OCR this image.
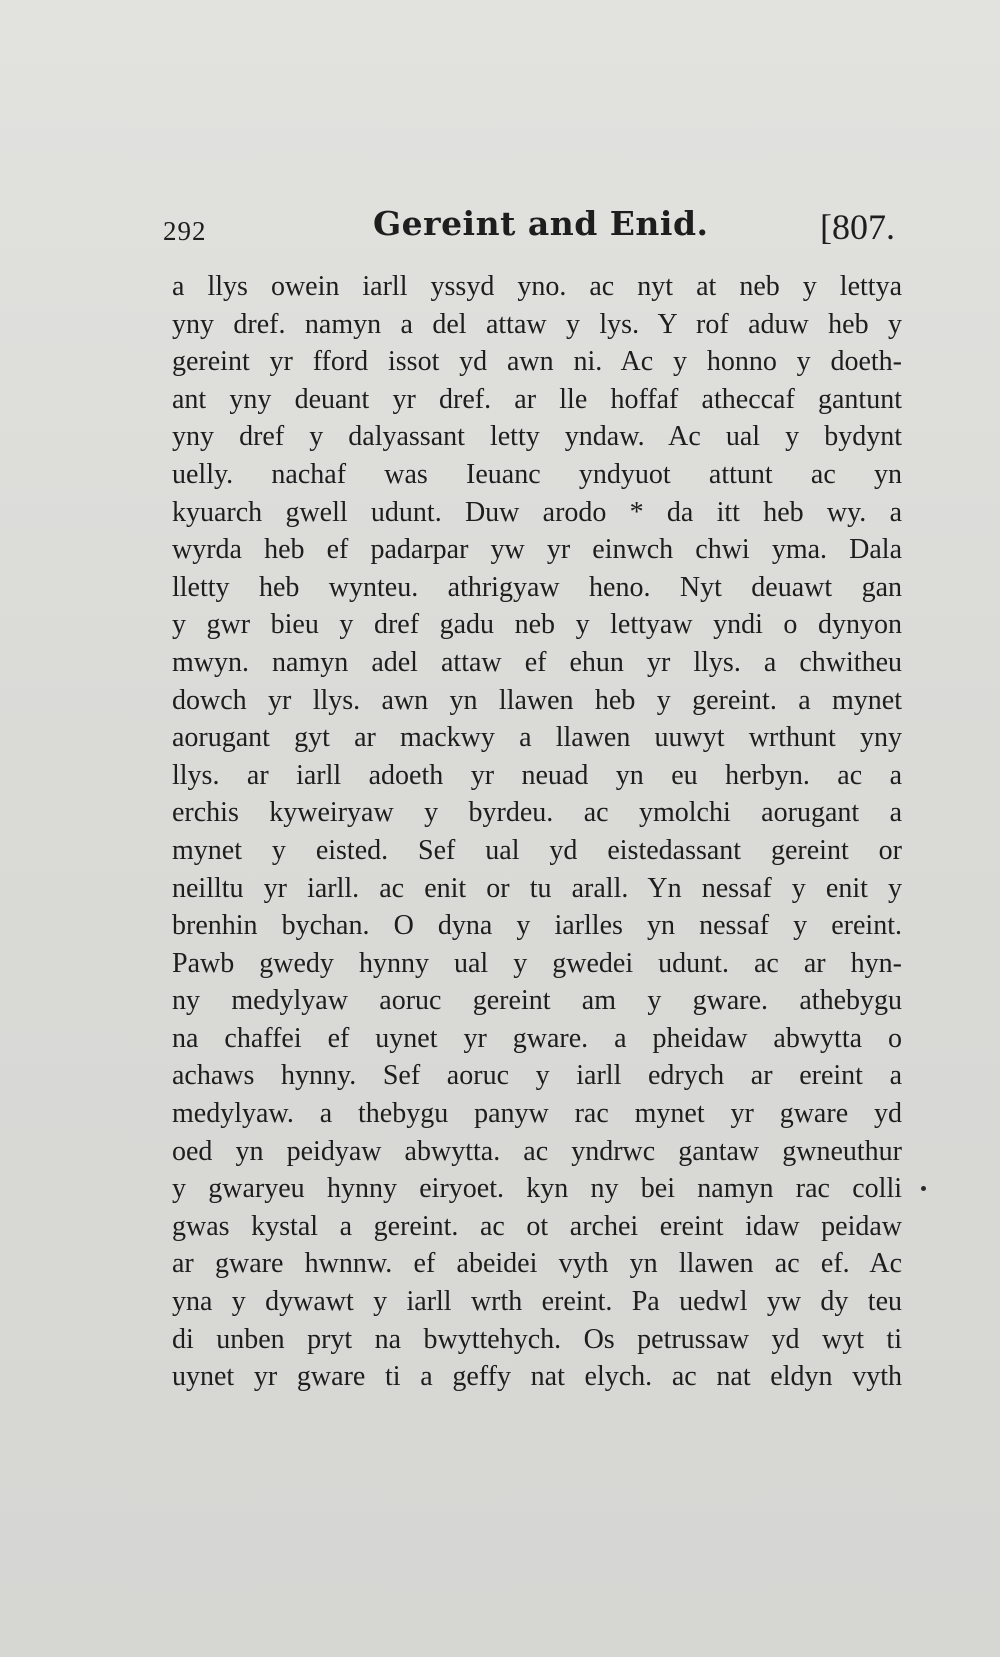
292	Gereint and Enid.	[807.
a llys owein iarll yssyd yno. ac nyt at neb y lettya
yny dref. namyn a del attaw y lys. Y rof aduw heb y
gereint yr fford issot yd awn ni. Ac y honno y doeth-
ant yny deuant yr dref. ar lle hoffaf atheccaf gantunt
yny dref y dalyassant letty yndaw. Ac ual y bydynt
uelly. nachaf was Ieuanc yndyuot attunt ac yn
kyuarch gwell udunt. Duw arodo * da itt heb wy. a
wyrda heb ef padarpar yw yr einwch chwi yma. Dala
lletty heb wynteu. athrigyaw heno. Nyt deuawt gan
y gwr bieu y dref gadu neb y lettyaw yndi o dynyon
mwyn. namyn adel attaw ef ehun yr llys. a chwitheu
dowch yr llys. awn yn llawen heb y gereint. a mynet
aorugant gyt ar mackwy a llawen uuwyt wrthunt yny
llys. ar iarll adoeth yr neuad yn eu herbyn. ac a
erchis kyweiryaw y byrdeu. ac ymolchi aorugant a
mynet y eisted. Sef ual yd eistedassant gereint or
neilltu yr iarll. ac enit or tu arall. Yn nessaf y enit y
brenhin bychan. O dyna y iarlles yn nessaf y ereint.
Pawb gwedy hynny ual y gwedei udunt. ac ar hyn-
ny medylyaw aoruc gereint am y gware. athebygu
na chaffei ef uynet yr gware. a pheidaw abwytta o
achaws hynny. Sef aoruc y iarll edrych ar ereint a
medylyaw. a thebygu panyw rac mynet yr gware yd
oed yn peidyaw abwytta. ac yndrwc gantaw gwneuthur
y gwaryeu hynny eiryoet. kyn ny bei namyn rac colli
gwas kystal a gereint. ac ot archei ereint idaw peidaw
ar gware hwnnw. ef abeidei vyth yn llawen ac ef. Ac
yna y dywawt y iarll wrth ereint. Pa uedwl yw dy teu
di unben pryt na bwyttehych. Os petrussaw yd wyt ti
uynet yr gware ti a geffy nat elych. ac nat eldyn vyth
